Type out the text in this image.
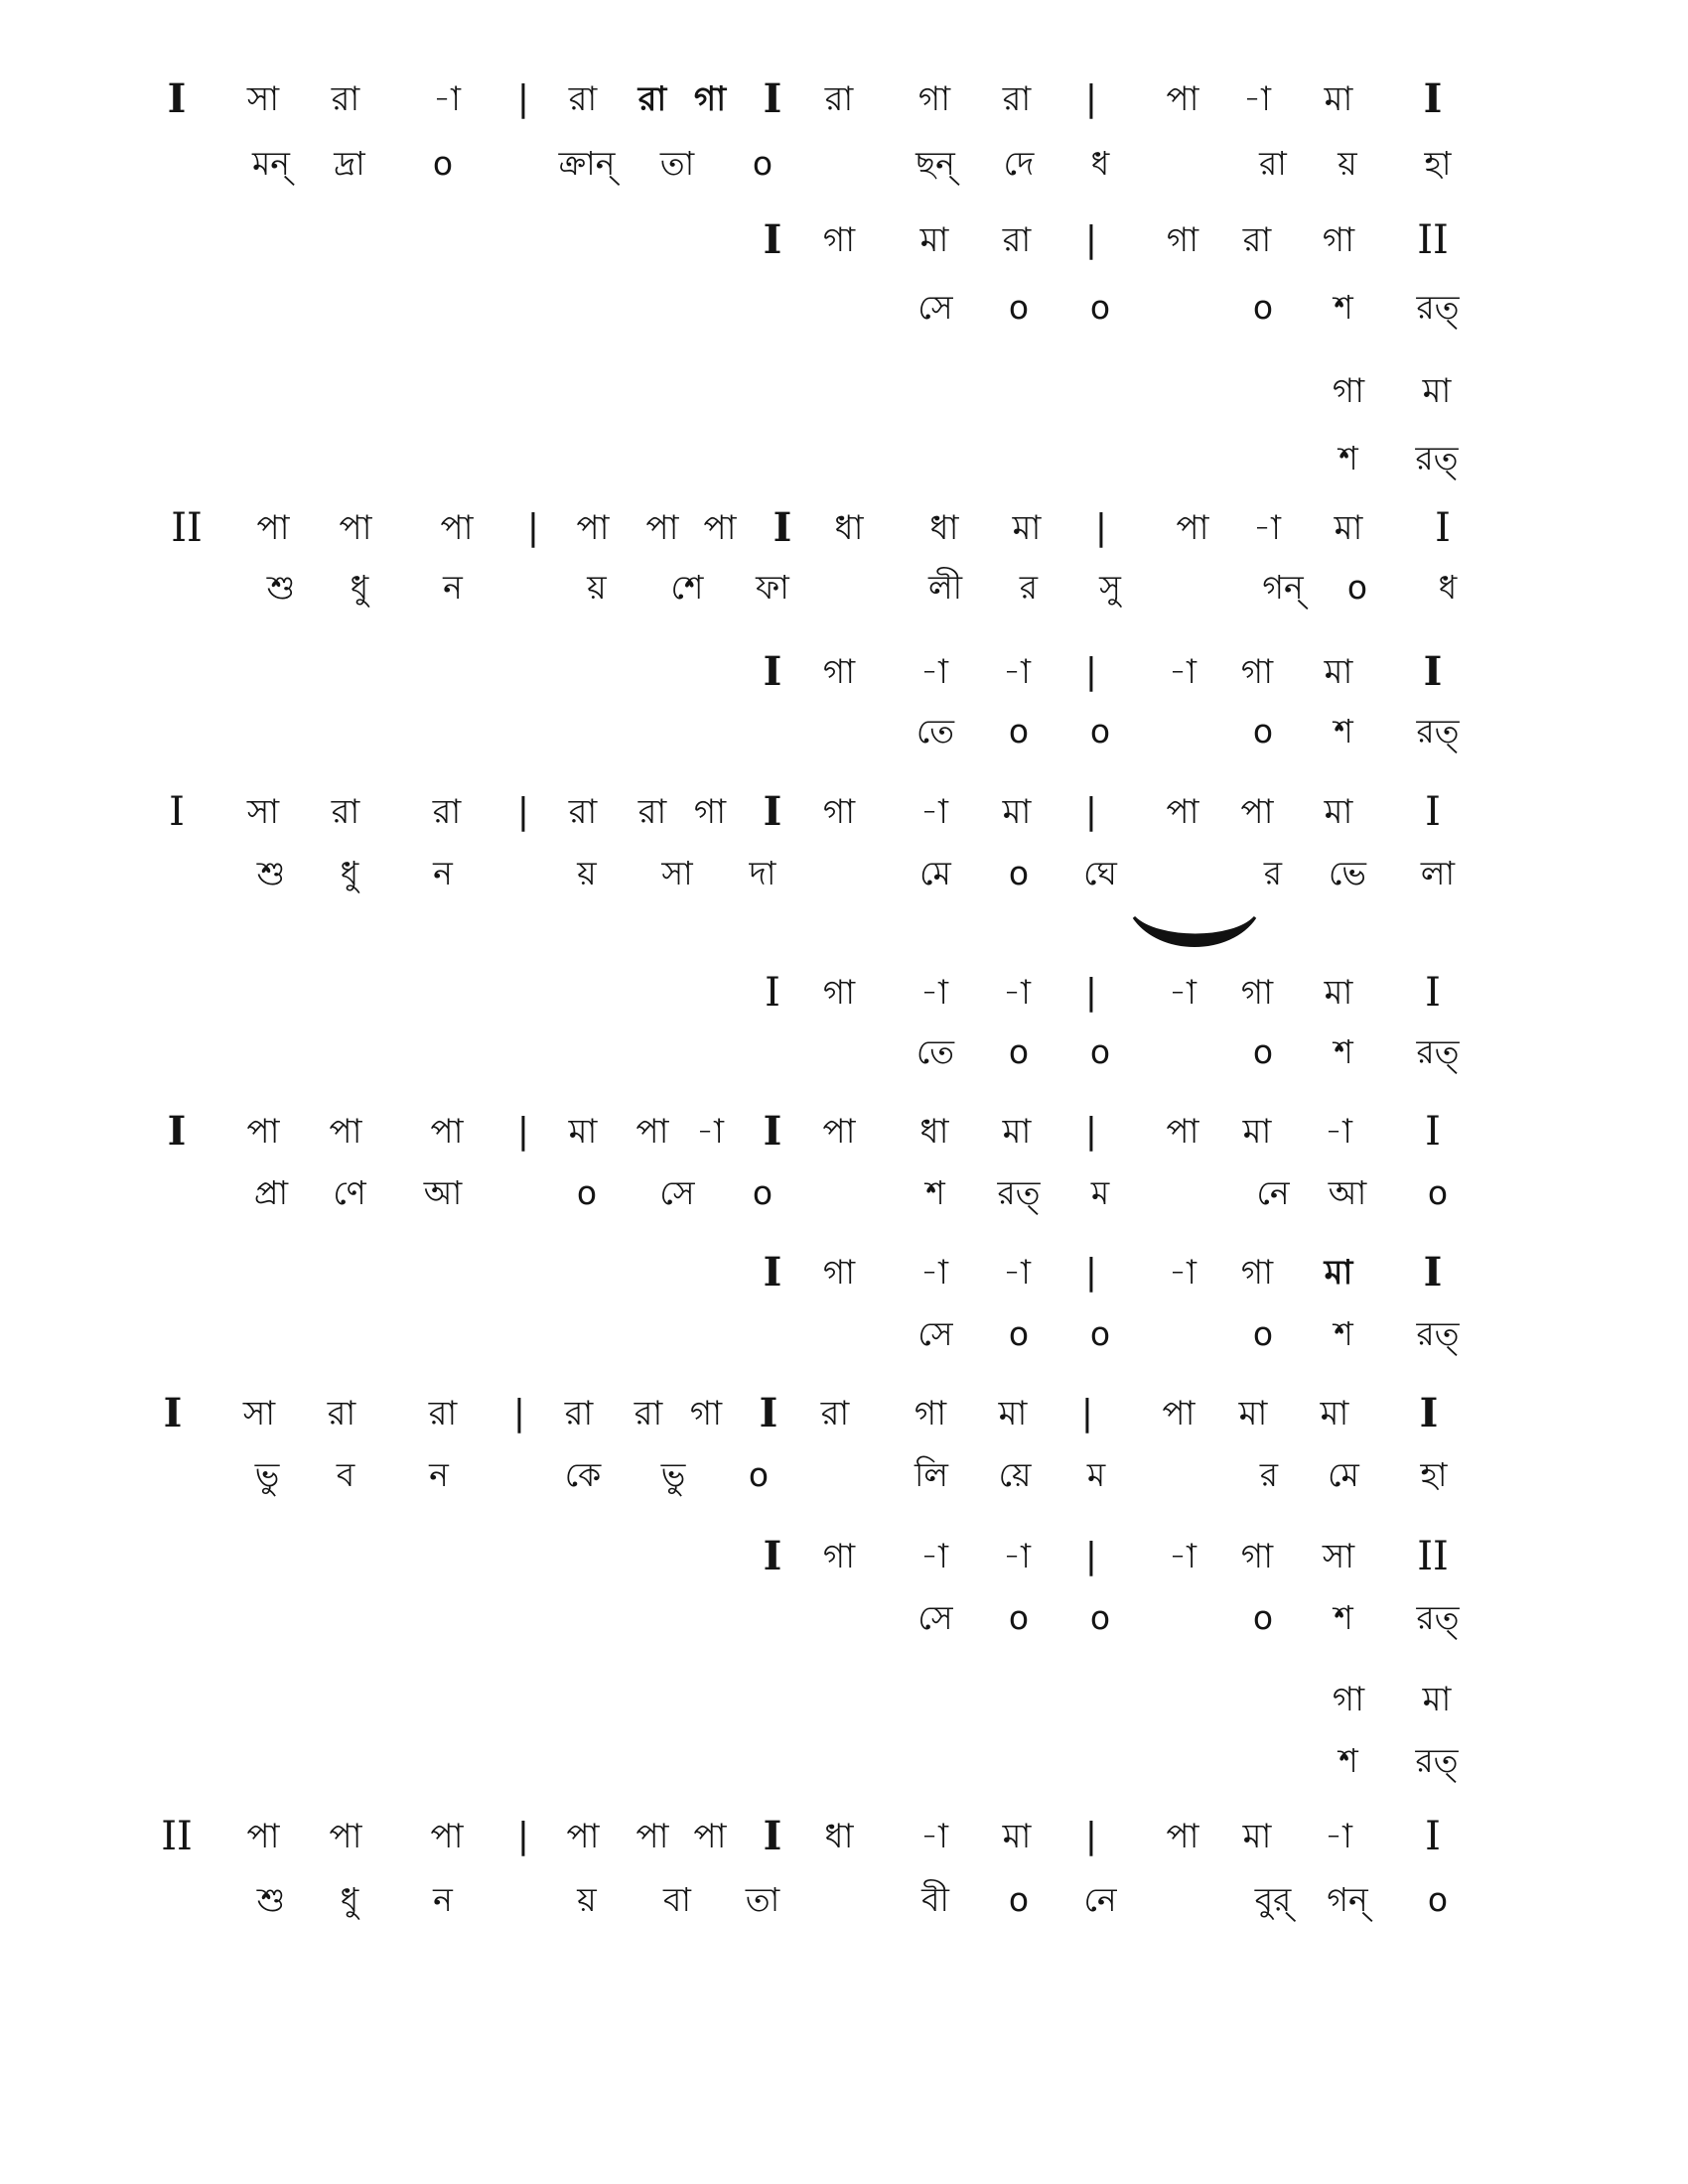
I সা রা -া | রা রা গা I রা গা রা | পা -া মা I
মন্ দ্রা o	ক্রান্ তা o	ছন্ দে ধ	রা য় হা
I গা মা রা | গা রা গা II
সে o o	o শ রত্
গা মা
শ রত্
II পা পা পা | পা পা পা I ধা ধা মা | পা -া মা I
শু ধু ন	য় শে ফা	লী র সু	গন্ o ধ
I গা -া -া | -া গা মা I
তে o o	o শ রত্
I সা রা রা | রা রা গা I গা -া মা | পা পা মা I
শু ধু ন	য় সা দা	মে o ঘে	র ভে লা
I গা -া -া | -া গা মা I
তে o o	o শ রত্
I পা পা পা | মা পা -া I পা ধা মা | পা মা -া I
প্রা ণে আ	o সে o	শ রত্ ম	নে আ o
I গা -া -া | -া গা মা I
সে o o	o শ রত্
I সা রা রা | রা রা গা I রা গা মা | পা মা মা I
ভু ব ন	কে ভু o	লি য়ে ম	র মে হা
I গা -া -া | -া গা সা II
সে o o	o শ রত্
গা মা
শ রত্
II পা পা পা | পা পা পা I ধা -া মা | পা মা -া I
শু ধু ন	য় বা তা	বী o নে	বুর্ গন্ o
